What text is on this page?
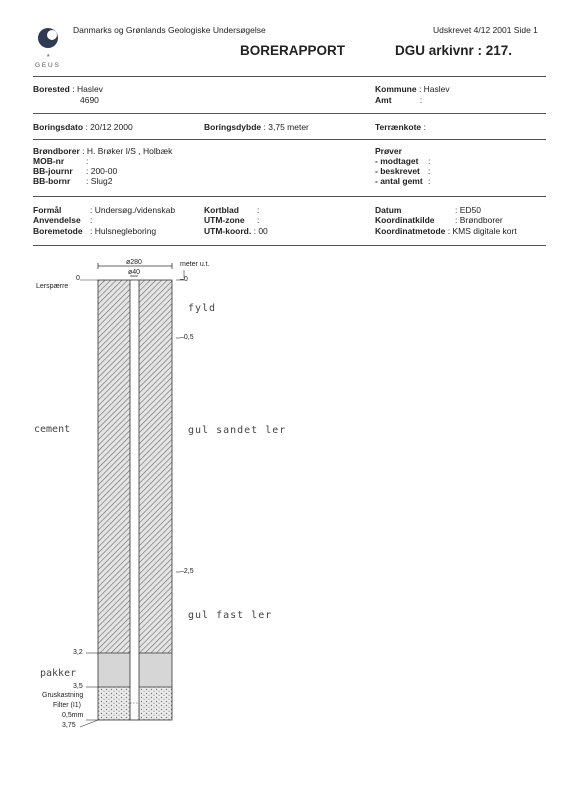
★
G E U S
Danmarks og Grønlands Geologiske Undersøgelse	Udskrevet 4/12 2001 Side 1
BORERAPPORT	DGU arkivnr : 217.
Borested : Haslev
4690
Kommune : Haslev
Amt	:
Boringsdato : 20/12 2000	Boringsdybde : 3,75 meter	Terrænkote :
Brøndborer : H. Brøker I/S , Holbæk
MOB-nr	:
BB-journr : 200-00
BB-bornr : Slug2
Prøver
- modtaget :
- beskrevet :
- antal gemt :
Formål	: Undersøg./videnskab
Anvendelse :
Boremetode : Hulsnegleboring
Kortblad :
UTM-zone :
UTM-koord. : 00
Datum	: ED50
Koordinatkilde : Brøndborer
Koordinatmetode : KMS digitale kort
ø280
ø40
meter u.t.
–0
–0,5
–2,5
0
Lerspærre
cement
3,2
pakker
3,5
Gruskastning
Filter (I1)
0,5mm
3,75
fyld
gul sandet ler
gul fast ler
